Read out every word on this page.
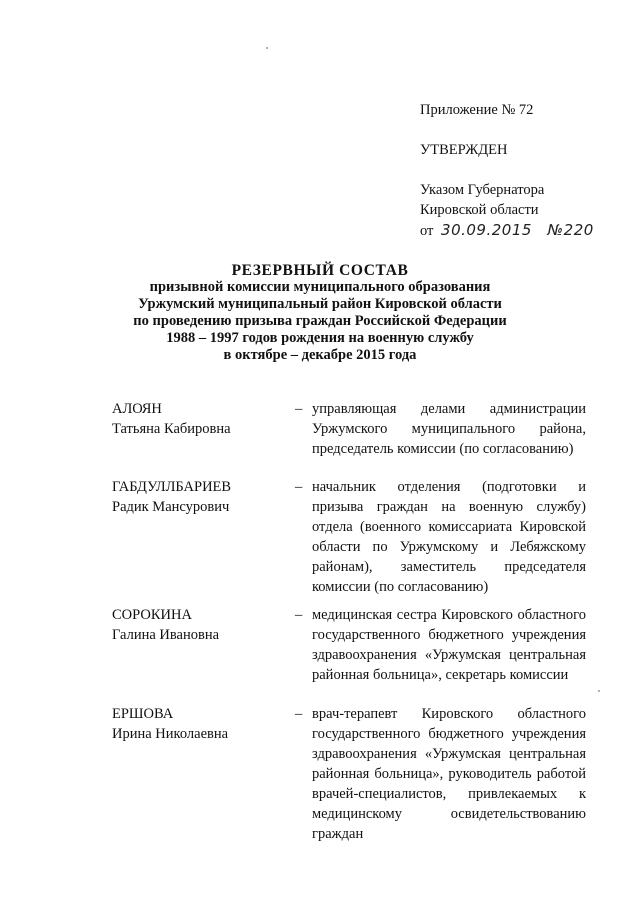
Приложение № 72
УТВЕРЖДЕН
Указом Губернатора
Кировской области
от 30.09.2015 №220
РЕЗЕРВНЫЙ СОСТАВ
призывной комиссии муниципального образования
Уржумский муниципальный район Кировской области
по проведению призыва граждан Российской Федерации
1988 – 1997 годов рождения на военную службу
в октябре – декабре 2015 года
АЛОЯН
Татьяна Кабировна
– управляющая делами администрации Уржумского муниципального района, председатель комиссии (по согласованию)
ГАБДУЛЛБАРИЕВ
Радик Мансурович
– начальник отделения (подготовки и призыва граждан на военную службу) отдела (военного комиссариата Кировской области по Уржумскому и Лебяжскому районам), заместитель председателя комиссии (по согласованию)
СОРОКИНА
Галина Ивановна
– медицинская сестра Кировского областного государственного бюджетного учреждения здравоохранения «Уржумская центральная районная больница», секретарь комиссии
ЕРШОВА
Ирина Николаевна
– врач-терапевт Кировского областного государственного бюджетного учреждения здравоохранения «Уржумская центральная районная больница», руководитель работой врачей-специалистов, привлекаемых к медицинскому освидетельствованию граждан
